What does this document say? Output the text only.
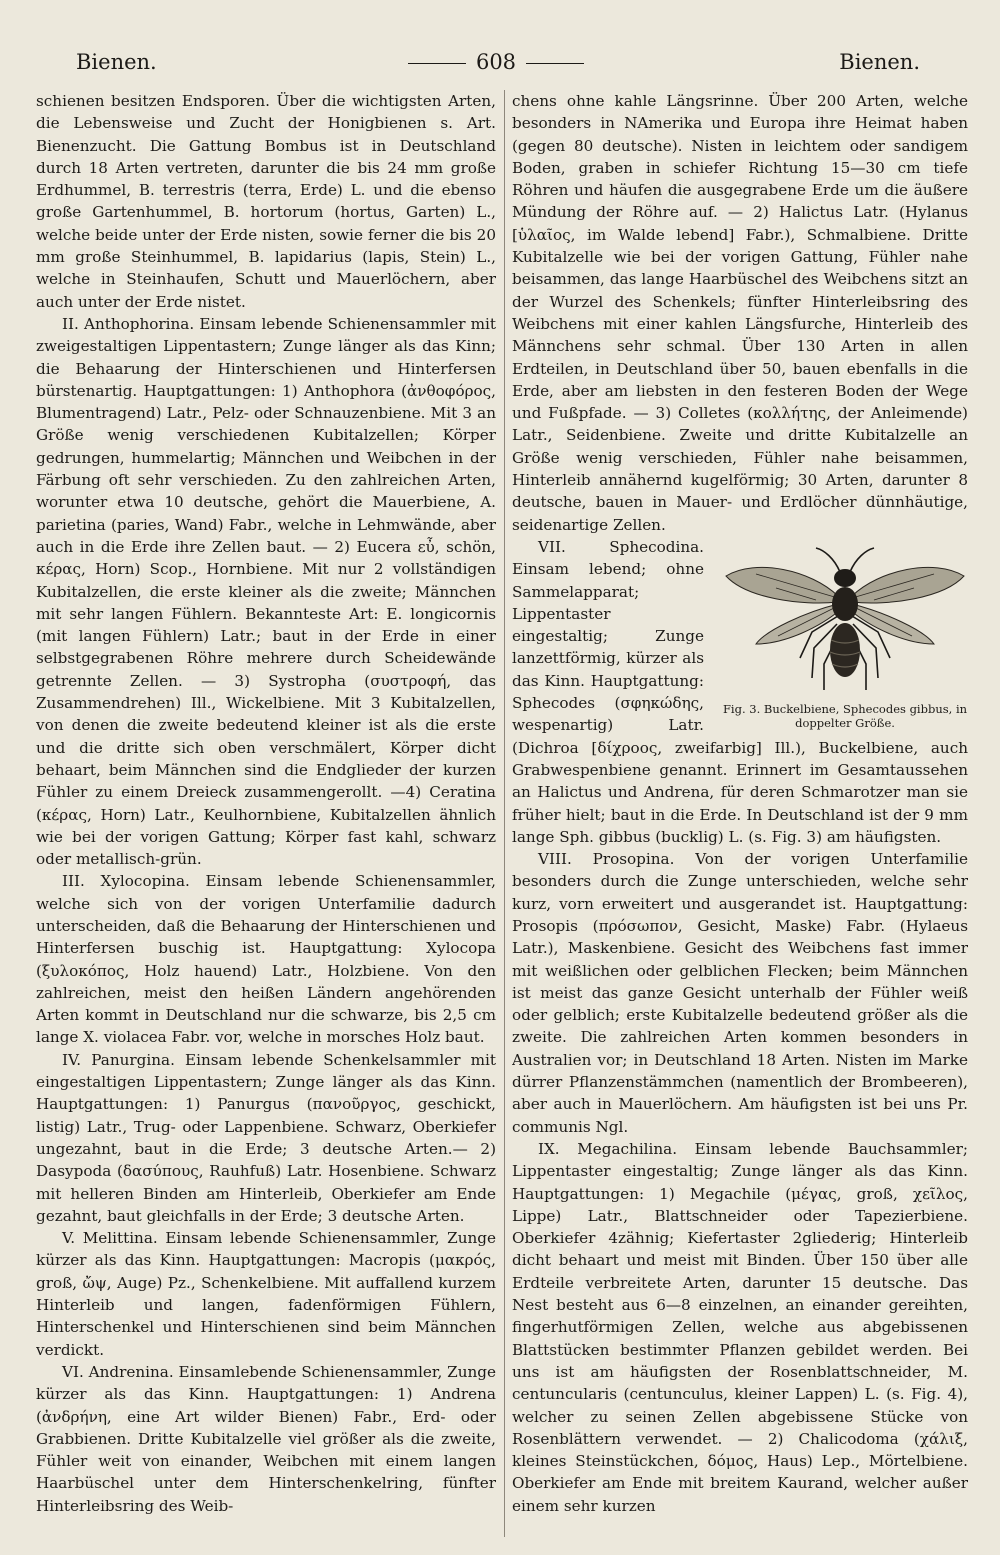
Bienen.	608	Bienen.

schienen besitzen Endsporen. Über die wichtigsten Arten, die Lebensweise und Zucht der Honigbienen s. Art. Bienenzucht. Die Gattung Bombus ist in Deutschland durch 18 Arten vertreten, darunter die bis 24 mm große Erdhummel, B. terrestris (terra, Erde) L. und die ebenso große Gartenhummel, B. hortorum (hortus, Garten) L., welche beide unter der Erde nisten, sowie ferner die bis 20 mm große Steinhummel, B. lapidarius (lapis, Stein) L., welche in Steinhaufen, Schutt und Mauerlöchern, aber auch unter der Erde nistet.

II. Anthophorina. Einsam lebende Schienensammler mit zweigestaltigen Lippentastern; Zunge länger als das Kinn; die Behaarung der Hinterschienen und Hinterfersen bürstenartig. Hauptgattungen: 1) Anthophora (ἀνθοφόρος, Blumentragend) Latr., Pelz- oder Schnauzenbiene. Mit 3 an Größe wenig verschiedenen Kubitalzellen; Körper gedrungen, hummelartig; Männchen und Weibchen in der Färbung oft sehr verschieden. Zu den zahlreichen Arten, worunter etwa 10 deutsche, gehört die Mauerbiene, A. parietina (paries, Wand) Fabr., welche in Lehmwände, aber auch in die Erde ihre Zellen baut. — 2) Eucera εὖ, schön, κέρας, Horn) Scop., Hornbiene. Mit nur 2 vollständigen Kubitalzellen, die erste kleiner als die zweite; Männchen mit sehr langen Fühlern. Bekannteste Art: E. longicornis (mit langen Fühlern) Latr.; baut in der Erde in einer selbstgegrabenen Röhre mehrere durch Scheidewände getrennte Zellen. — 3) Systropha (συστροφή, das Zusammendrehen) Ill., Wickelbiene. Mit 3 Kubitalzellen, von denen die zweite bedeutend kleiner ist als die erste und die dritte sich oben verschmälert, Körper dicht behaart, beim Männchen sind die Endglieder der kurzen Fühler zu einem Dreieck zusammengerollt. —4) Ceratina (κέρας, Horn) Latr., Keulhornbiene, Kubitalzellen ähnlich wie bei der vorigen Gattung; Körper fast kahl, schwarz oder metallisch-grün.

III. Xylocopina. Einsam lebende Schienensammler, welche sich von der vorigen Unterfamilie dadurch unterscheiden, daß die Behaarung der Hinterschienen und Hinterfersen buschig ist. Hauptgattung: Xylocopa (ξυλοκόπος, Holz hauend) Latr., Holzbiene. Von den zahlreichen, meist den heißen Ländern angehörenden Arten kommt in Deutschland nur die schwarze, bis 2,5 cm lange X. violacea Fabr. vor, welche in morsches Holz baut.

IV. Panurgina. Einsam lebende Schenkelsammler mit eingestaltigen Lippentastern; Zunge länger als das Kinn. Hauptgattungen: 1) Panurgus (πανοῦργος, geschickt, listig) Latr., Trug- oder Lappenbiene. Schwarz, Oberkiefer ungezahnt, baut in die Erde; 3 deutsche Arten.— 2) Dasypoda (δασύπους, Rauhfuß) Latr. Hosenbiene. Schwarz mit helleren Binden am Hinterleib, Oberkiefer am Ende gezahnt, baut gleichfalls in der Erde; 3 deutsche Arten.

V. Melittina. Einsam lebende Schienensammler, Zunge kürzer als das Kinn. Hauptgattungen: Macropis (μακρός, groß, ὤψ, Auge) Pz., Schenkelbiene. Mit auffallend kurzem Hinterleib und langen, fadenförmigen Fühlern, Hinterschenkel und Hinterschienen sind beim Männchen verdickt.

VI. Andrenina. Einsamlebende Schienensammler, Zunge kürzer als das Kinn. Hauptgattungen: 1) Andrena (ἀνδρήνη, eine Art wilder Bienen) Fabr., Erd- oder Grabbienen. Dritte Kubitalzelle viel größer als die zweite, Fühler weit von einander, Weibchen mit einem langen Haarbüschel unter dem Hinterschenkelring, fünfter Hinterleibsring des Weib-

chens ohne kahle Längsrinne. Über 200 Arten, welche besonders in NAmerika und Europa ihre Heimat haben (gegen 80 deutsche). Nisten in leichtem oder sandigem Boden, graben in schiefer Richtung 15—30 cm tiefe Röhren und häufen die ausgegrabene Erde um die äußere Mündung der Röhre auf. — 2) Halictus Latr. (Hylanus [ὑλαῖος, im Walde lebend] Fabr.), Schmalbiene. Dritte Kubitalzelle wie bei der vorigen Gattung, Fühler nahe beisammen, das lange Haarbüschel des Weibchens sitzt an der Wurzel des Schenkels; fünfter Hinterleibsring des Weibchens mit einer kahlen Längsfurche, Hinterleib des Männchens sehr schmal. Über 130 Arten in allen Erdteilen, in Deutschland über 50, bauen ebenfalls in die Erde, aber am liebsten in den festeren Boden der Wege und Fußpfade. — 3) Colletes (κολλήτης, der Anleimende) Latr., Seidenbiene. Zweite und dritte Kubitalzelle an Größe wenig verschieden, Fühler nahe beisammen, Hinterleib annähernd kugelförmig; 30 Arten, darunter 8 deutsche, bauen in Mauer- und Erdlöcher dünnhäutige, seidenartige Zellen.

Fig. 3. Buckelbiene, Sphecodes gibbus, in doppelter Größe.

VII. Sphecodina. Einsam lebend; ohne Sammelapparat; Lippentaster eingestaltig; Zunge lanzettförmig, kürzer als das Kinn. Hauptgattung: Sphecodes (σφηκώδης, wespenartig) Latr. (Dichroa [δίχροος, zweifarbig] Ill.), Buckelbiene, auch Grabwespenbiene genannt. Erinnert im Gesamtaussehen an Halictus und Andrena, für deren Schmarotzer man sie früher hielt; baut in die Erde. In Deutschland ist der 9 mm lange Sph. gibbus (bucklig) L. (s. Fig. 3) am häufigsten.

VIII. Prosopina. Von der vorigen Unterfamilie besonders durch die Zunge unterschieden, welche sehr kurz, vorn erweitert und ausgerandet ist. Hauptgattung: Prosopis (πρόσωπον, Gesicht, Maske) Fabr. (Hylaeus Latr.), Maskenbiene. Gesicht des Weibchens fast immer mit weißlichen oder gelblichen Flecken; beim Männchen ist meist das ganze Gesicht unterhalb der Fühler weiß oder gelblich; erste Kubitalzelle bedeutend größer als die zweite. Die zahlreichen Arten kommen besonders in Australien vor; in Deutschland 18 Arten. Nisten im Marke dürrer Pflanzenstämmchen (namentlich der Brombeeren), aber auch in Mauerlöchern. Am häufigsten ist bei uns Pr. communis Ngl.

IX. Megachilina. Einsam lebende Bauchsammler; Lippentaster eingestaltig; Zunge länger als das Kinn. Hauptgattungen: 1) Megachile (μέγας, groß, χεῖλος, Lippe) Latr., Blattschneider oder Tapezierbiene. Oberkiefer 4zähnig; Kiefertaster 2gliederig; Hinterleib dicht behaart und meist mit Binden. Über 150 über alle Erdteile verbreitete Arten, darunter 15 deutsche. Das Nest besteht aus 6—8 einzelnen, an einander gereihten, fingerhutförmigen Zellen, welche aus abgebissenen Blattstücken bestimmter Pflanzen gebildet werden. Bei uns ist am häufigsten der Rosenblattschneider, M. centuncularis (centunculus, kleiner Lappen) L. (s. Fig. 4), welcher zu seinen Zellen abgebissene Stücke von Rosenblättern verwendet. — 2) Chalicodoma (χάλιξ, kleines Steinstückchen, δόμος, Haus) Lep., Mörtelbiene. Oberkiefer am Ende mit breitem Kaurand, welcher außer einem sehr kurzen
